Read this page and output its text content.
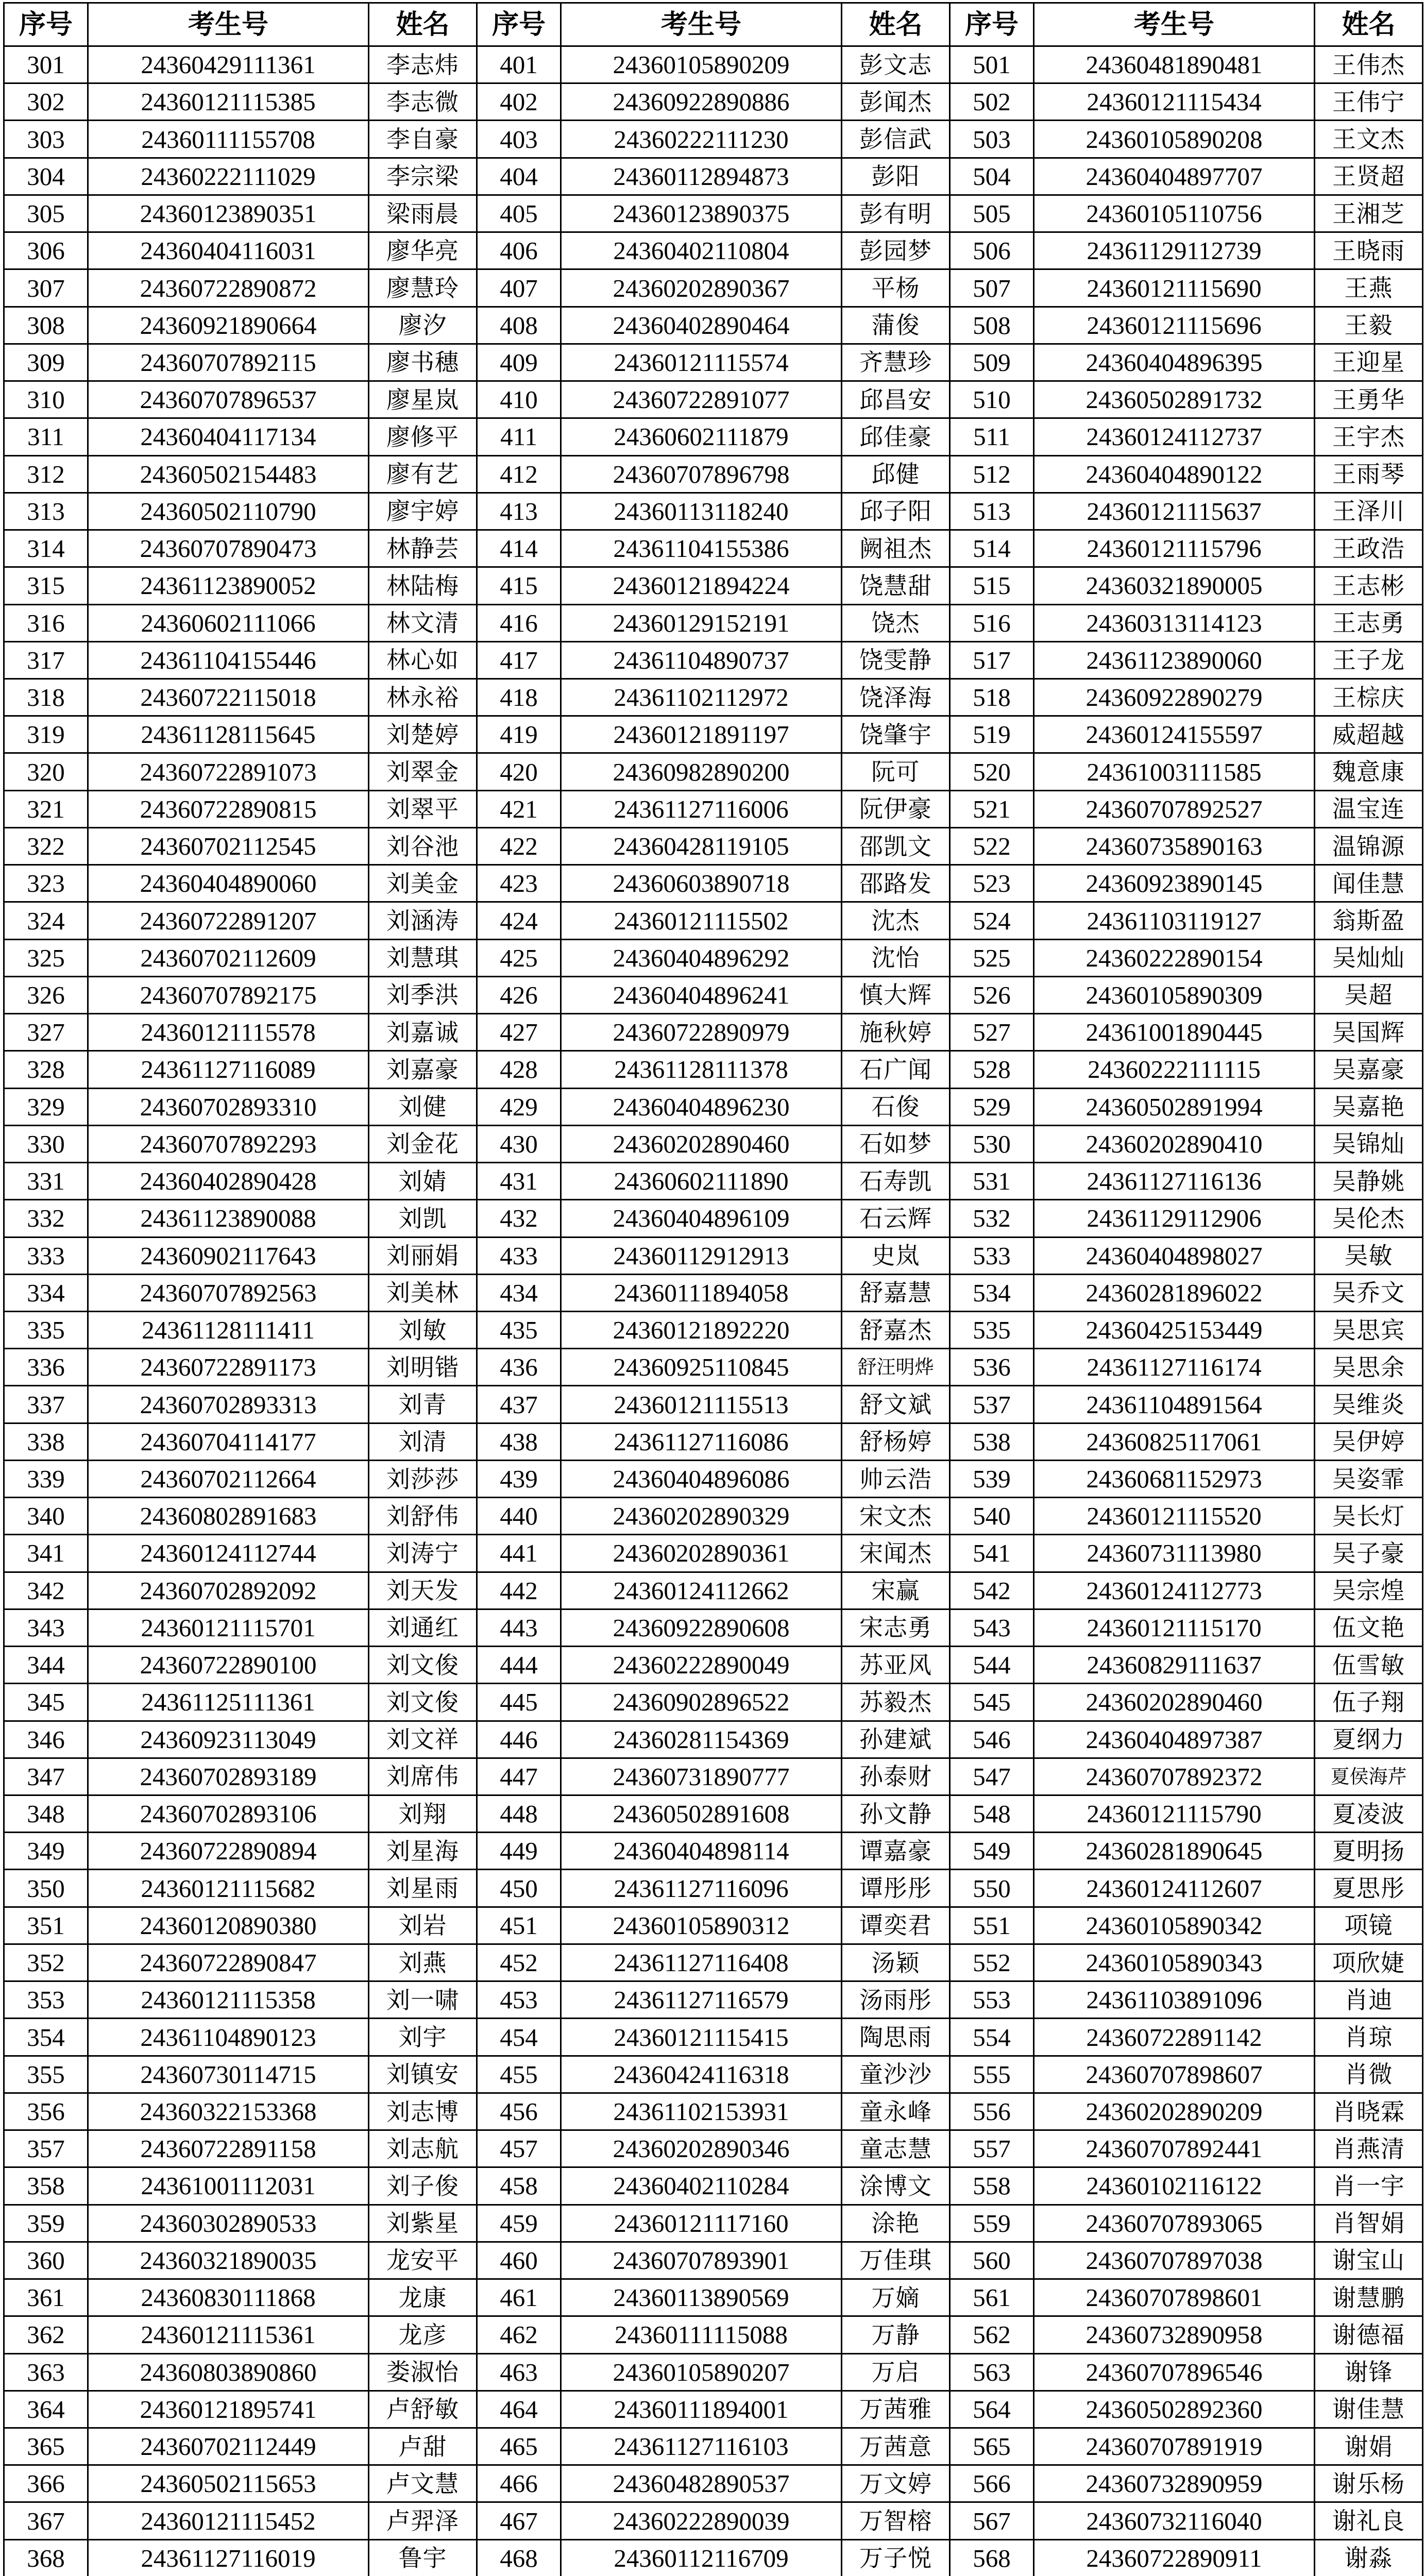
序号	考生号	姓名	序号	考生号	姓名	序号	考生号	姓名
301	24360429111361	李志炜	401	24360105890209	彭文志	501	24360481890481	王伟杰
302	24360121115385	李志微	402	24360922890886	彭闻杰	502	24360121115434	王伟宁
303	24360111155708	李自豪	403	24360222111230	彭信武	503	24360105890208	王文杰
304	24360222111029	李宗梁	404	24360112894873	彭阳	504	24360404897707	王贤超
305	24360123890351	梁雨晨	405	24360123890375	彭有明	505	24360105110756	王湘芝
306	24360404116031	廖华亮	406	24360402110804	彭园梦	506	24361129112739	王晓雨
307	24360722890872	廖慧玲	407	24360202890367	平杨	507	24360121115690	王燕
308	24360921890664	廖汐	408	24360402890464	蒲俊	508	24360121115696	王毅
309	24360707892115	廖书穗	409	24360121115574	齐慧珍	509	24360404896395	王迎星
310	24360707896537	廖星岚	410	24360722891077	邱昌安	510	24360502891732	王勇华
311	24360404117134	廖修平	411	24360602111879	邱佳豪	511	24360124112737	王宇杰
312	24360502154483	廖有艺	412	24360707896798	邱健	512	24360404890122	王雨琴
313	24360502110790	廖宇婷	413	24360113118240	邱子阳	513	24360121115637	王泽川
314	24360707890473	林静芸	414	24361104155386	阙祖杰	514	24360121115796	王政浩
315	24361123890052	林陆梅	415	24360121894224	饶慧甜	515	24360321890005	王志彬
316	24360602111066	林文清	416	24360129152191	饶杰	516	24360313114123	王志勇
317	24361104155446	林心如	417	24361104890737	饶雯静	517	24361123890060	王子龙
318	24360722115018	林永裕	418	24361102112972	饶泽海	518	24360922890279	王棕庆
319	24361128115645	刘楚婷	419	24360121891197	饶肇宇	519	24360124155597	威超越
320	24360722891073	刘翠金	420	24360982890200	阮可	520	24361003111585	魏意康
321	24360722890815	刘翠平	421	24361127116006	阮伊豪	521	24360707892527	温宝连
322	24360702112545	刘谷池	422	24360428119105	邵凯文	522	24360735890163	温锦源
323	24360404890060	刘美金	423	24360603890718	邵路发	523	24360923890145	闻佳慧
324	24360722891207	刘涵涛	424	24360121115502	沈杰	524	24361103119127	翁斯盈
325	24360702112609	刘慧琪	425	24360404896292	沈怡	525	24360222890154	吴灿灿
326	24360707892175	刘季洪	426	24360404896241	慎大辉	526	24360105890309	吴超
327	24360121115578	刘嘉诚	427	24360722890979	施秋婷	527	24361001890445	吴国辉
328	24361127116089	刘嘉豪	428	24361128111378	石广闻	528	24360222111115	吴嘉豪
329	24360702893310	刘健	429	24360404896230	石俊	529	24360502891994	吴嘉艳
330	24360707892293	刘金花	430	24360202890460	石如梦	530	24360202890410	吴锦灿
331	24360402890428	刘婧	431	24360602111890	石寿凯	531	24361127116136	吴静姚
332	24361123890088	刘凯	432	24360404896109	石云辉	532	24361129112906	吴伦杰
333	24360902117643	刘丽娟	433	24360112912913	史岚	533	24360404898027	吴敏
334	24360707892563	刘美林	434	24360111894058	舒嘉慧	534	24360281896022	吴乔文
335	24361128111411	刘敏	435	24360121892220	舒嘉杰	535	24360425153449	吴思宾
336	24360722891173	刘明锴	436	24360925110845	舒汪明烨	536	24361127116174	吴思余
337	24360702893313	刘青	437	24360121115513	舒文斌	537	24361104891564	吴维炎
338	24360704114177	刘清	438	24361127116086	舒杨婷	538	24360825117061	吴伊婷
339	24360702112664	刘莎莎	439	24360404896086	帅云浩	539	24360681152973	吴姿霏
340	24360802891683	刘舒伟	440	24360202890329	宋文杰	540	24360121115520	吴长灯
341	24360124112744	刘涛宁	441	24360202890361	宋闻杰	541	24360731113980	吴子豪
342	24360702892092	刘天发	442	24360124112662	宋赢	542	24360124112773	吴宗煌
343	24360121115701	刘通红	443	24360922890608	宋志勇	543	24360121115170	伍文艳
344	24360722890100	刘文俊	444	24360222890049	苏亚风	544	24360829111637	伍雪敏
345	24361125111361	刘文俊	445	24360902896522	苏毅杰	545	24360202890460	伍子翔
346	24360923113049	刘文祥	446	24360281154369	孙建斌	546	24360404897387	夏纲力
347	24360702893189	刘席伟	447	24360731890777	孙泰财	547	24360707892372	夏侯海芹
348	24360702893106	刘翔	448	24360502891608	孙文静	548	24360121115790	夏凌波
349	24360722890894	刘星海	449	24360404898114	谭嘉豪	549	24360281890645	夏明扬
350	24360121115682	刘星雨	450	24361127116096	谭彤彤	550	24360124112607	夏思彤
351	24360120890380	刘岩	451	24360105890312	谭奕君	551	24360105890342	项镜
352	24360722890847	刘燕	452	24361127116408	汤颖	552	24360105890343	项欣婕
353	24360121115358	刘一啸	453	24361127116579	汤雨彤	553	24361103891096	肖迪
354	24361104890123	刘宇	454	24360121115415	陶思雨	554	24360722891142	肖琼
355	24360730114715	刘镇安	455	24360424116318	童沙沙	555	24360707898607	肖微
356	24360322153368	刘志博	456	24361102153931	童永峰	556	24360202890209	肖晓霖
357	24360722891158	刘志航	457	24360202890346	童志慧	557	24360707892441	肖燕清
358	24361001112031	刘子俊	458	24360402110284	涂博文	558	24360102116122	肖一宇
359	24360302890533	刘紫星	459	24360121117160	涂艳	559	24360707893065	肖智娟
360	24360321890035	龙安平	460	24360707893901	万佳琪	560	24360707897038	谢宝山
361	24360830111868	龙康	461	24360113890569	万嫡	561	24360707898601	谢慧鹏
362	24360121115361	龙彦	462	24360111115088	万静	562	24360732890958	谢德福
363	24360803890860	娄淑怡	463	24360105890207	万启	563	24360707896546	谢锋
364	24360121895741	卢舒敏	464	24360111894001	万茜雅	564	24360502892360	谢佳慧
365	24360702112449	卢甜	465	24361127116103	万茜意	565	24360707891919	谢娟
366	24360502115653	卢文慧	466	24360482890537	万文婷	566	24360732890959	谢乐杨
367	24360121115452	卢羿泽	467	24360222890039	万智榕	567	24360732116040	谢礼良
368	24361127116019	鲁宇	468	24360112116709	万子悦	568	24360722890911	谢淼
